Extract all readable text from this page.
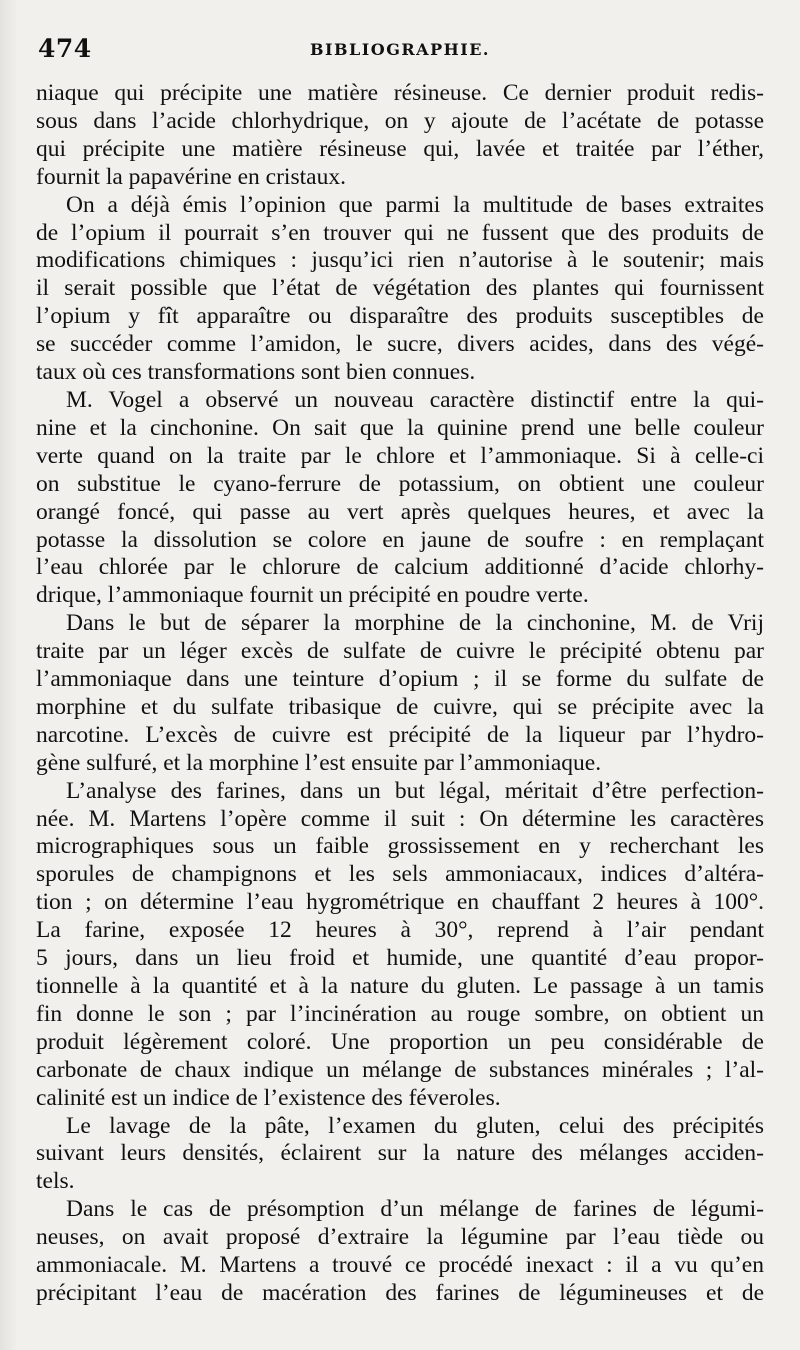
474	BIBLIOGRAPHIE.

niaque qui précipite une matière résineuse. Ce dernier produit redis-
sous dans l’acide chlorhydrique, on y ajoute de l’acétate de potasse
qui précipite une matière résineuse qui, lavée et traitée par l’éther,
fournit la papavérine en cristaux.

On a déjà émis l’opinion que parmi la multitude de bases extraites
de l’opium il pourrait s’en trouver qui ne fussent que des produits de
modifications chimiques : jusqu’ici rien n’autorise à le soutenir; mais
il serait possible que l’état de végétation des plantes qui fournissent
l’opium y fît apparaître ou disparaître des produits susceptibles de
se succéder comme l’amidon, le sucre, divers acides, dans des végé-
taux où ces transformations sont bien connues.

M. Vogel a observé un nouveau caractère distinctif entre la qui-
nine et la cinchonine. On sait que la quinine prend une belle couleur
verte quand on la traite par le chlore et l’ammoniaque. Si à celle-ci
on substitue le cyano-ferrure de potassium, on obtient une couleur
orangé foncé, qui passe au vert après quelques heures, et avec la
potasse la dissolution se colore en jaune de soufre : en remplaçant
l’eau chlorée par le chlorure de calcium additionné d’acide chlorhy-
drique, l’ammoniaque fournit un précipité en poudre verte.

Dans le but de séparer la morphine de la cinchonine, M. de Vrij
traite par un léger excès de sulfate de cuivre le précipité obtenu par
l’ammoniaque dans une teinture d’opium ; il se forme du sulfate de
morphine et du sulfate tribasique de cuivre, qui se précipite avec la
narcotine. L’excès de cuivre est précipité de la liqueur par l’hydro-
gène sulfuré, et la morphine l’est ensuite par l’ammoniaque.

L’analyse des farines, dans un but légal, méritait d’être perfection-
née. M. Martens l’opère comme il suit : On détermine les caractères
micrographiques sous un faible grossissement en y recherchant les
sporules de champignons et les sels ammoniacaux, indices d’altéra-
tion ; on détermine l’eau hygrométrique en chauffant 2 heures à 100°.
La farine, exposée 12 heures à 30°, reprend à l’air pendant
5 jours, dans un lieu froid et humide, une quantité d’eau propor-
tionnelle à la quantité et à la nature du gluten. Le passage à un tamis
fin donne le son ; par l’incinération au rouge sombre, on obtient un
produit légèrement coloré. Une proportion un peu considérable de
carbonate de chaux indique un mélange de substances minérales ; l’al-
calinité est un indice de l’existence des féveroles.

Le lavage de la pâte, l’examen du gluten, celui des précipités
suivant leurs densités, éclairent sur la nature des mélanges acciden-
tels.

Dans le cas de présomption d’un mélange de farines de légumi-
neuses, on avait proposé d’extraire la légumine par l’eau tiède ou
ammoniacale. M. Martens a trouvé ce procédé inexact : il a vu qu’en
précipitant l’eau de macération des farines de légumineuses et de
